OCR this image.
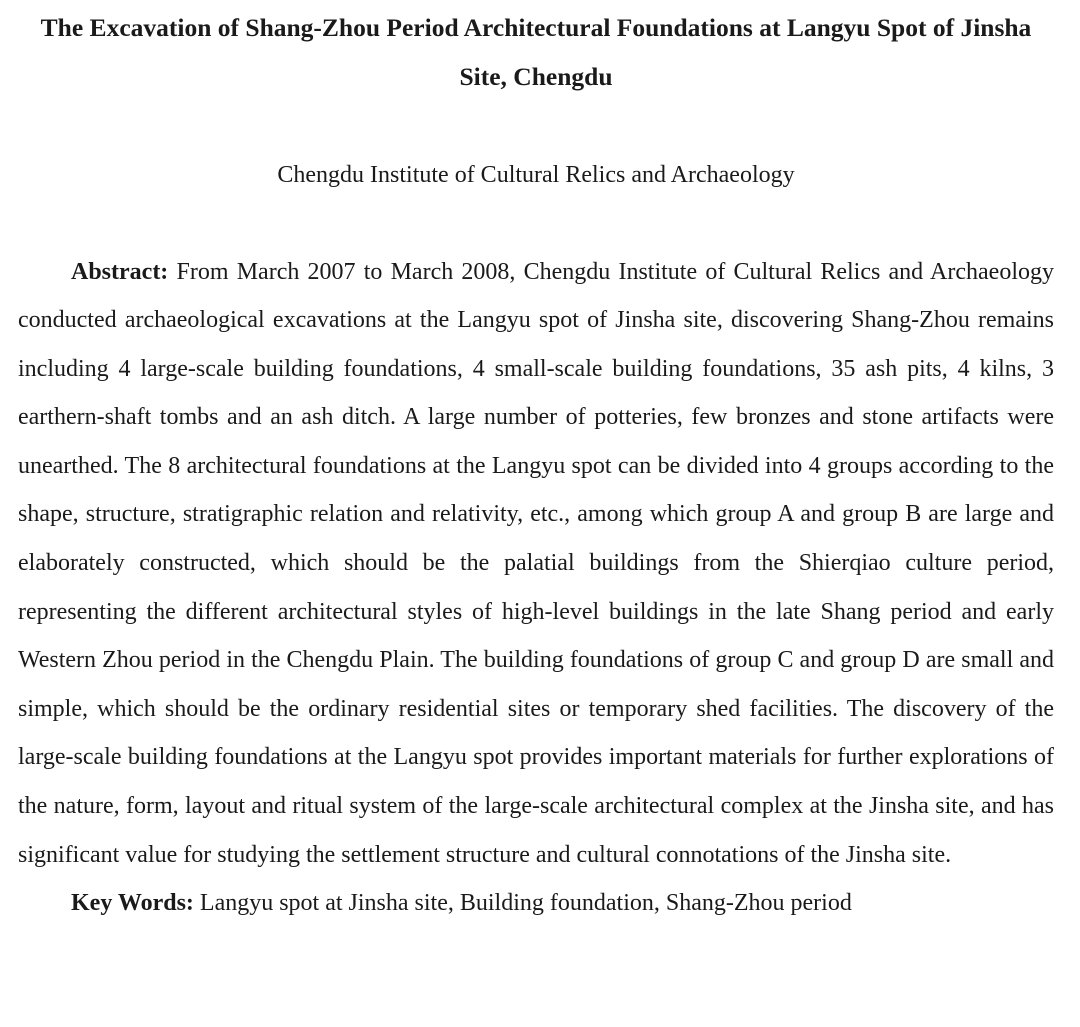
The Excavation of Shang-Zhou Period Architectural Foundations at Langyu Spot of Jinsha Site, Chengdu

Chengdu Institute of Cultural Relics and Archaeology

Abstract: From March 2007 to March 2008, Chengdu Institute of Cultural Relics and Archaeology conducted archaeological excavations at the Langyu spot of Jinsha site, discovering Shang-Zhou remains including 4 large-scale building foundations, 4 small-scale building foundations, 35 ash pits, 4 kilns, 3 earthern-shaft tombs and an ash ditch. A large number of potteries, few bronzes and stone artifacts were unearthed. The 8 architectural foundations at the Langyu spot can be divided into 4 groups according to the shape, structure, stratigraphic relation and relativity, etc., among which group A and group B are large and elaborately constructed, which should be the palatial buildings from the Shierqiao culture period, representing the different architectural styles of high-level buildings in the late Shang period and early Western Zhou period in the Chengdu Plain. The building foundations of group C and group D are small and simple, which should be the ordinary residential sites or temporary shed facilities. The discovery of the large-scale building foundations at the Langyu spot provides important materials for further explorations of the nature, form, layout and ritual system of the large-scale architectural complex at the Jinsha site, and has significant value for studying the settlement structure and cultural connotations of the Jinsha site.

Key Words: Langyu spot at Jinsha site, Building foundation, Shang-Zhou period
